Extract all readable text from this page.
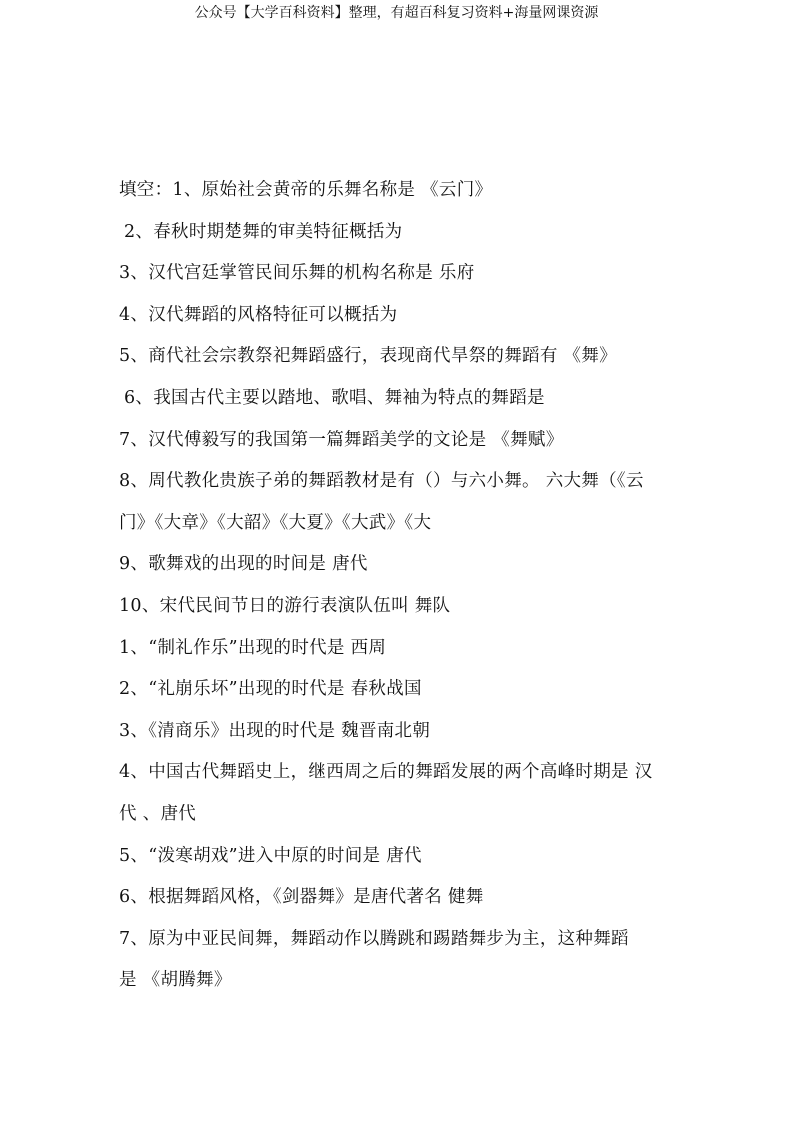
公众号【大学百科资料】整理，有超百科复习资料+海量网课资源
填空：1、原始社会黄帝的乐舞名称是 《云门》
2、春秋时期楚舞的审美特征概括为
3、汉代宫廷掌管民间乐舞的机构名称是 乐府
4、汉代舞蹈的风格特征可以概括为
5、商代社会宗教祭祀舞蹈盛行，表现商代旱祭的舞蹈有 《舞》
6、我国古代主要以踏地、歌唱、舞袖为特点的舞蹈是
7、汉代傅毅写的我国第一篇舞蹈美学的文论是 《舞赋》
8、周代教化贵族子弟的舞蹈教材是有（）与六小舞。 六大舞（《云
门》《大章》《大韶》《大夏》《大武》《大
9、歌舞戏的出现的时间是 唐代
10、宋代民间节日的游行表演队伍叫 舞队
1、“制礼作乐”出现的时代是 西周
2、“礼崩乐坏”出现的时代是 春秋战国
3、《清商乐》出现的时代是 魏晋南北朝
4、中国古代舞蹈史上，继西周之后的舞蹈发展的两个高峰时期是 汉
代 、唐代
5、“泼寒胡戏”进入中原的时间是 唐代
6、根据舞蹈风格，《剑器舞》是唐代著名 健舞
7、原为中亚民间舞，舞蹈动作以腾跳和踢踏舞步为主，这种舞蹈
是 《胡腾舞》
